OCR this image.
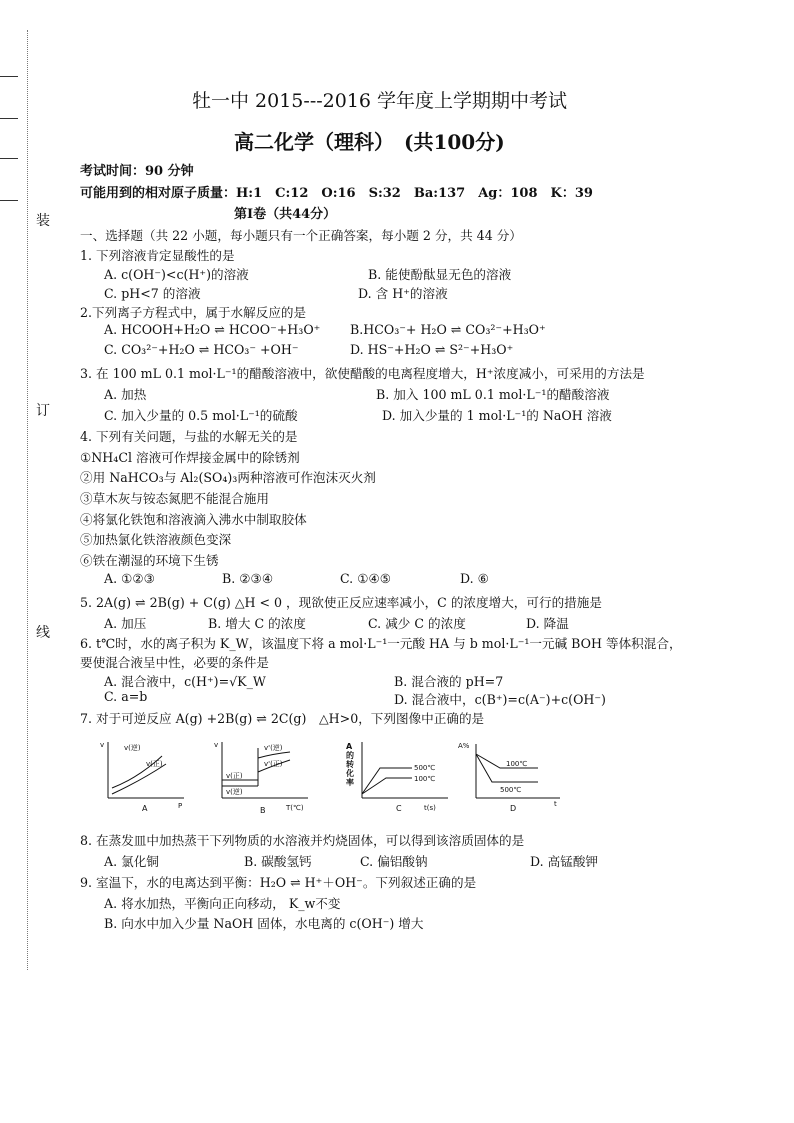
装
订
线
牡一中 2015---2016 学年度上学期期中考试
高二化学（理科）　(共100分)
考试时间：90 分钟
可能用到的相对原子质量：H:1　C:12　O:16　S:32　Ba:137　Ag：108　K：39
第Ⅰ卷（共44分）
一、选择题（共 22 小题，每小题只有一个正确答案，每小题 2 分，共 44 分）
1. 下列溶液肯定显酸性的是
A. c(OH⁻)<c(H⁺)的溶液	B. 能使酚酞显无色的溶液
C. pH<7 的溶液	D. 含 H⁺的溶液
2.下列离子方程式中，属于水解反应的是
A. HCOOH+H₂O ⇌ HCOO⁻+H₃O⁺ B.HCO₃⁻+ H₂O ⇌ CO₃²⁻+H₃O⁺
C. CO₃²⁻+H₂O ⇌ HCO₃⁻ +OH⁻	D. HS⁻+H₂O ⇌ S²⁻+H₃O⁺
3. 在 100 mL 0.1 mol·L⁻¹的醋酸溶液中，欲使醋酸的电离程度增大，H⁺浓度减小，可采用的方法是
A. 加热	B. 加入 100 mL 0.1 mol·L⁻¹的醋酸溶液
C. 加入少量的 0.5 mol·L⁻¹的硫酸	D. 加入少量的 1 mol·L⁻¹的 NaOH 溶液
4. 下列有关问题，与盐的水解无关的是
①NH₄Cl 溶液可作焊接金属中的除锈剂
②用 NaHCO₃与 Al₂(SO₄)₃两种溶液可作泡沫灭火剂
③草木灰与铵态氮肥不能混合施用
④将氯化铁饱和溶液滴入沸水中制取胶体
⑤加热氯化铁溶液颜色变深
⑥铁在潮湿的环境下生锈
A. ①②③	B. ②③④	C. ①④⑤	D. ⑥
5. 2A(g) ⇌ 2B(g) + C(g) △H < 0 ，现欲使正反应速率减小，C 的浓度增大，可行的措施是
A. 加压	B. 增大 C 的浓度	C. 减少 C 的浓度	D. 降温
6. t℃时，水的离子积为 K_W，该温度下将 a mol·L⁻¹一元酸 HA 与 b mol·L⁻¹一元碱 BOH 等体积混合，
要使混合液呈中性，必要的条件是
A. 混合液中，c(H⁺)=√K_W	B. 混合液的 pH=7
C. a=b	D. 混合液中，c(B⁺)=c(A⁻)+c(OH⁻)
7. 对于可逆反应 A(g) +2B(g) ⇌ 2C(g)　△H>0，下列图像中正确的是
v
P
v(逆)
v(正)
A
v
T(℃)
v'(逆)
v'(正)
v(正)
v(逆)
B
500℃
100℃
t(s)
A的转化率
C
A%
100℃
500℃
t
D
8. 在蒸发皿中加热蒸干下列物质的水溶液并灼烧固体，可以得到该溶质固体的是
A. 氯化铜	B. 碳酸氢钙	C. 偏铝酸钠	D. 高锰酸钾
9. 室温下，水的电离达到平衡：H₂O ⇌ H⁺＋OH⁻。下列叙述正确的是
A. 将水加热，平衡向正向移动， K_w不变
B. 向水中加入少量 NaOH 固体，水电离的 c(OH⁻) 增大
